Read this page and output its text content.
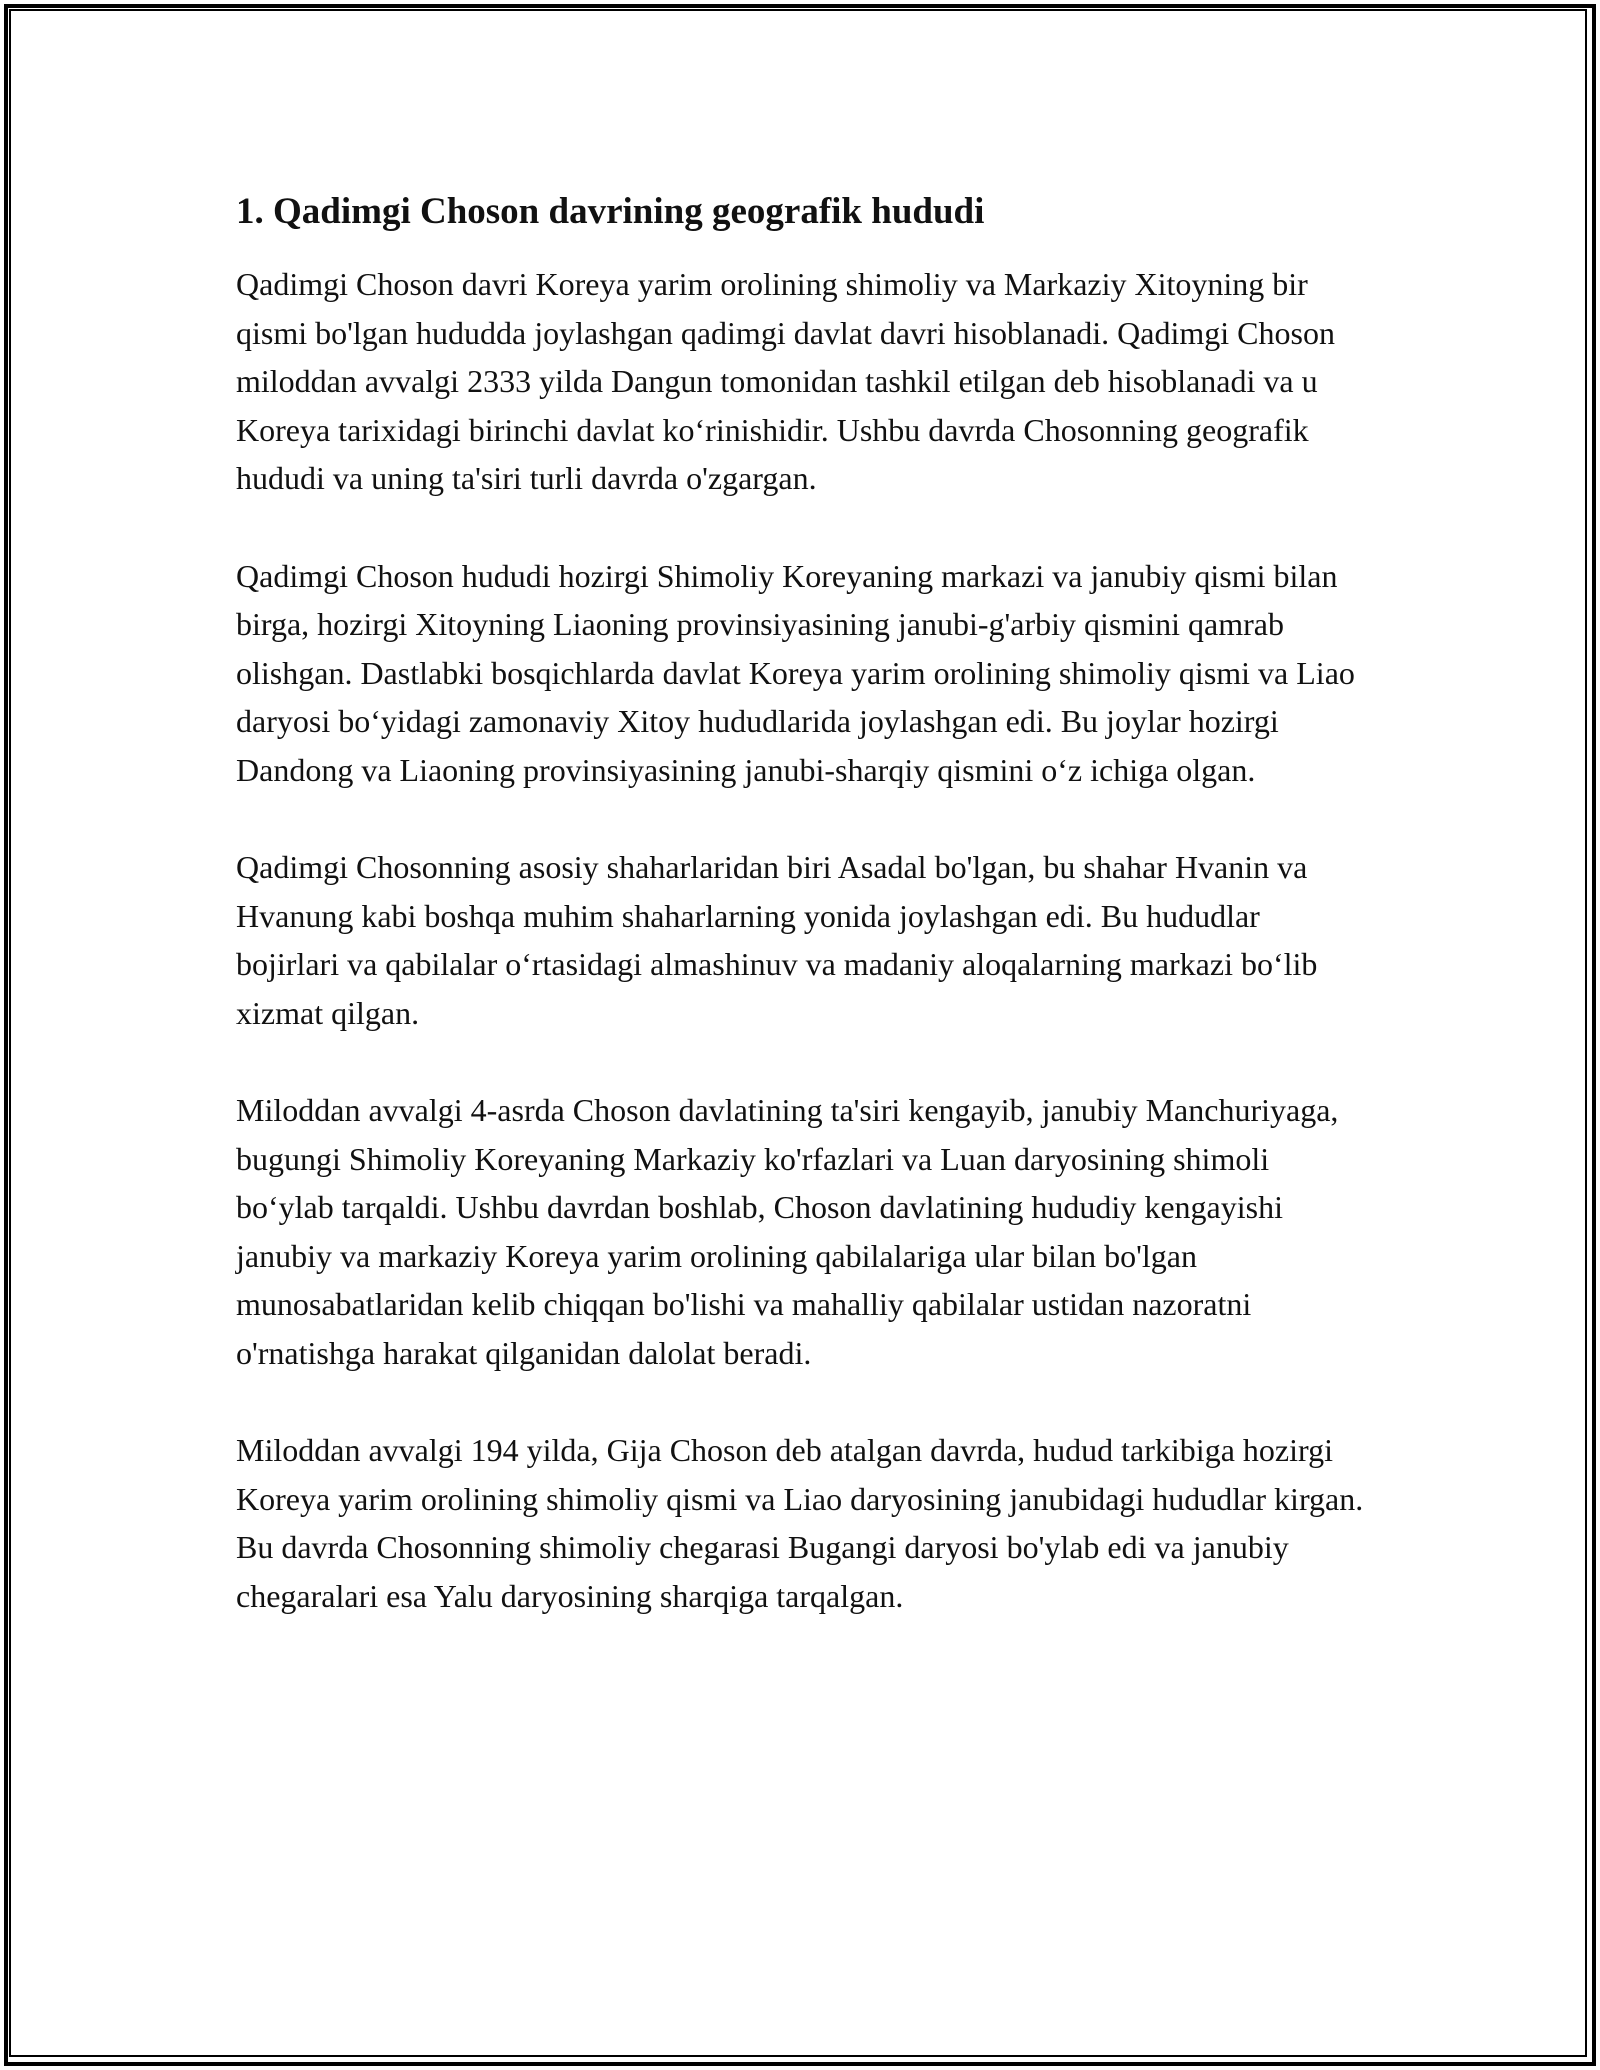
1. Qadimgi Choson davrining geografik hududi

Qadimgi Choson davri Koreya yarim orolining shimoliy va Markaziy Xitoyning bir qismi bo'lgan hududda joylashgan qadimgi davlat davri hisoblanadi. Qadimgi Choson miloddan avvalgi 2333 yilda Dangun tomonidan tashkil etilgan deb hisoblanadi va u Koreya tarixidagi birinchi davlat koʻrinishidir. Ushbu davrda Chosonning geografik hududi va uning ta'siri turli davrda o'zgargan.

Qadimgi Choson hududi hozirgi Shimoliy Koreyaning markazi va janubiy qismi bilan birga, hozirgi Xitoyning Liaoning provinsiyasining janubi-g'arbiy qismini qamrab olishgan. Dastlabki bosqichlarda davlat Koreya yarim orolining shimoliy qismi va Liao daryosi boʻyidagi zamonaviy Xitoy hududlarida joylashgan edi. Bu joylar hozirgi Dandong va Liaoning provinsiyasining janubi-sharqiy qismini oʻz ichiga olgan.

Qadimgi Chosonning asosiy shaharlaridan biri Asadal bo'lgan, bu shahar Hvanin va Hvanung kabi boshqa muhim shaharlarning yonida joylashgan edi. Bu hududlar bojirlari va qabilalar oʻrtasidagi almashinuv va madaniy aloqalarning markazi boʻlib xizmat qilgan.

Miloddan avvalgi 4-asrda Choson davlatining ta'siri kengayib, janubiy Manchuriyaga, bugungi Shimoliy Koreyaning Markaziy ko'rfazlari va Luan daryosining shimoli boʻylab tarqaldi. Ushbu davrdan boshlab, Choson davlatining hududiy kengayishi janubiy va markaziy Koreya yarim orolining qabilalariga ular bilan bo'lgan munosabatlaridan kelib chiqqan bo'lishi va mahalliy qabilalar ustidan nazoratni o'rnatishga harakat qilganidan dalolat beradi.

Miloddan avvalgi 194 yilda, Gija Choson deb atalgan davrda, hudud tarkibiga hozirgi Koreya yarim orolining shimoliy qismi va Liao daryosining janubidagi hududlar kirgan. Bu davrda Chosonning shimoliy chegarasi Bugangi daryosi bo'ylab edi va janubiy chegaralari esa Yalu daryosining sharqiga tarqalgan.
